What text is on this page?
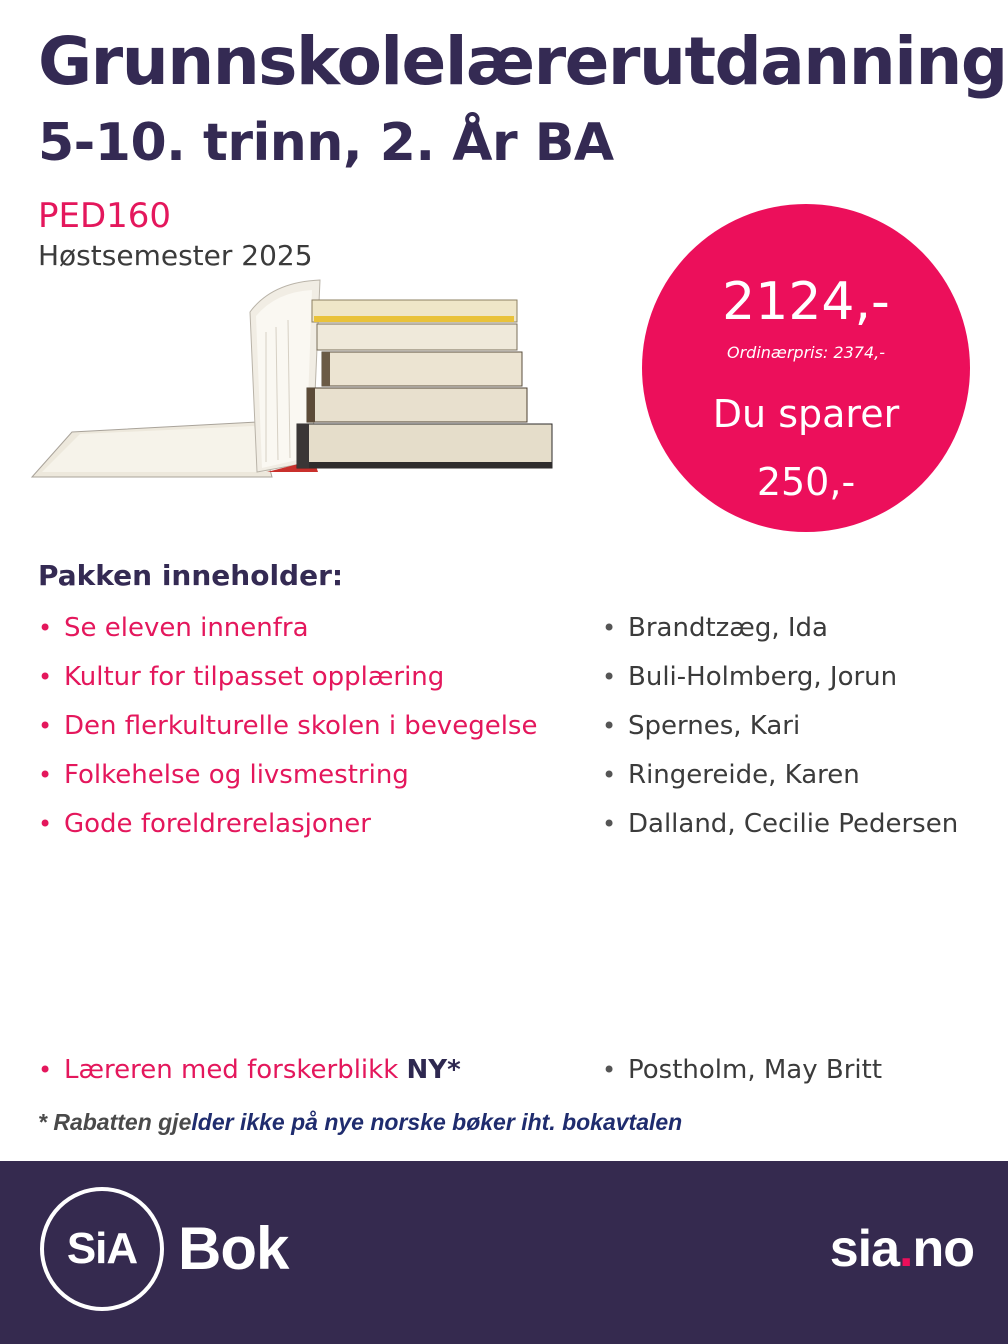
Grunnskolelærerutdanning
5-10. trinn, 2. År BA
PED160
Høstsemester 2025
2124,-
Ordinærpris: 2374,-
Du sparer
250,-
Pakken inneholder:
• Se eleven innenfra
• Kultur for tilpasset opplæring
• Den flerkulturelle skolen i bevegelse
• Folkehelse og livsmestring
• Gode foreldrerelasjoner
• Brandtzæg, Ida
• Buli-Holmberg, Jorun
• Spernes, Kari
• Ringereide, Karen
• Dalland, Cecilie Pedersen
• Læreren med forskerblikk NY*
•	Postholm, May Britt
* Rabatten gjelder ikke på nye norske bøker iht. bokavtalen
SiA Bok	sia.no
